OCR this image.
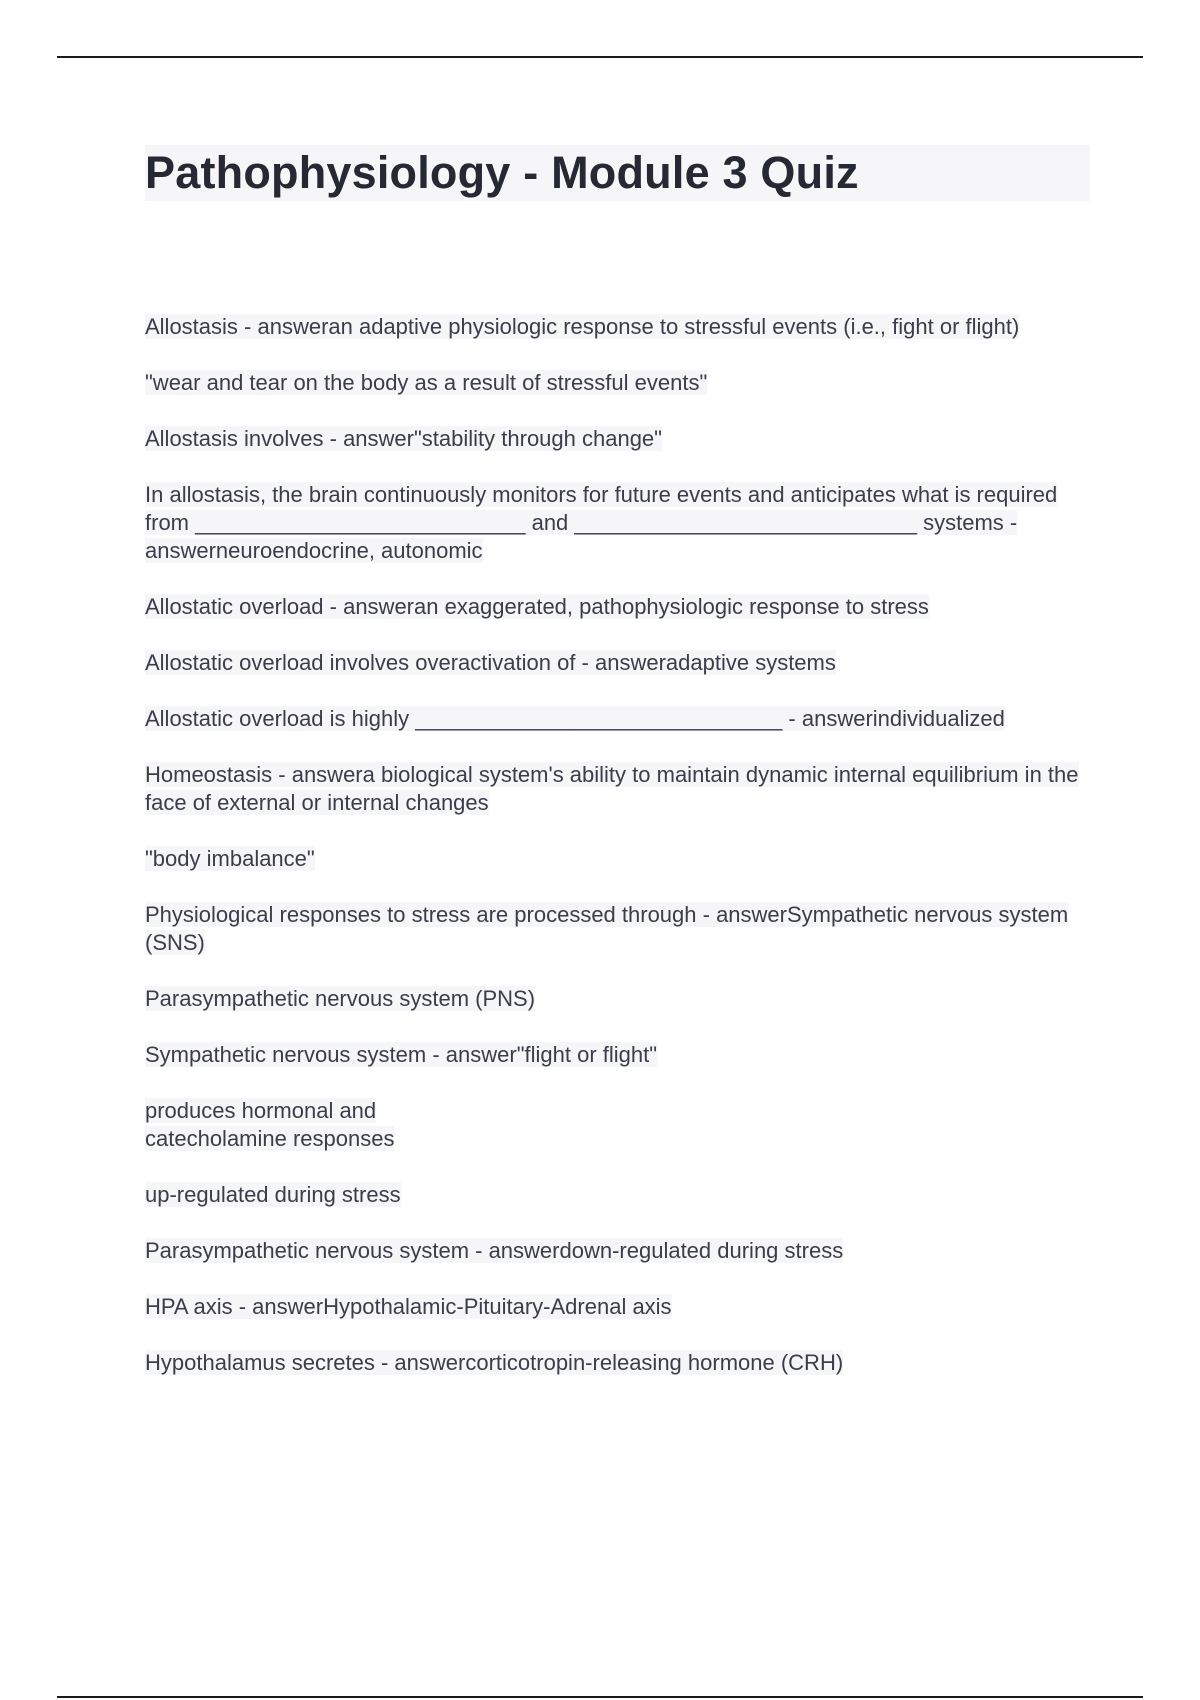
Pathophysiology - Module 3 Quiz

Allostasis - answeran adaptive physiologic response to stressful events (i.e., fight or flight)

"wear and tear on the body as a result of stressful events"

Allostasis involves - answer"stability through change"

In allostasis, the brain continuously monitors for future events and anticipates what is required from ___________________________ and ____________________________ systems - answerneuroendocrine, autonomic

Allostatic overload - answeran exaggerated, pathophysiologic response to stress

Allostatic overload involves overactivation of - answeradaptive systems

Allostatic overload is highly ______________________________ - answerindividualized

Homeostasis - answera biological system's ability to maintain dynamic internal equilibrium in the face of external or internal changes

"body imbalance"

Physiological responses to stress are processed through - answerSympathetic nervous system (SNS)

Parasympathetic nervous system (PNS)

Sympathetic nervous system - answer"flight or flight"

produces hormonal and
catecholamine responses

up-regulated during stress

Parasympathetic nervous system - answerdown-regulated during stress

HPA axis - answerHypothalamic-Pituitary-Adrenal axis

Hypothalamus secretes - answercorticotropin-releasing hormone (CRH)
